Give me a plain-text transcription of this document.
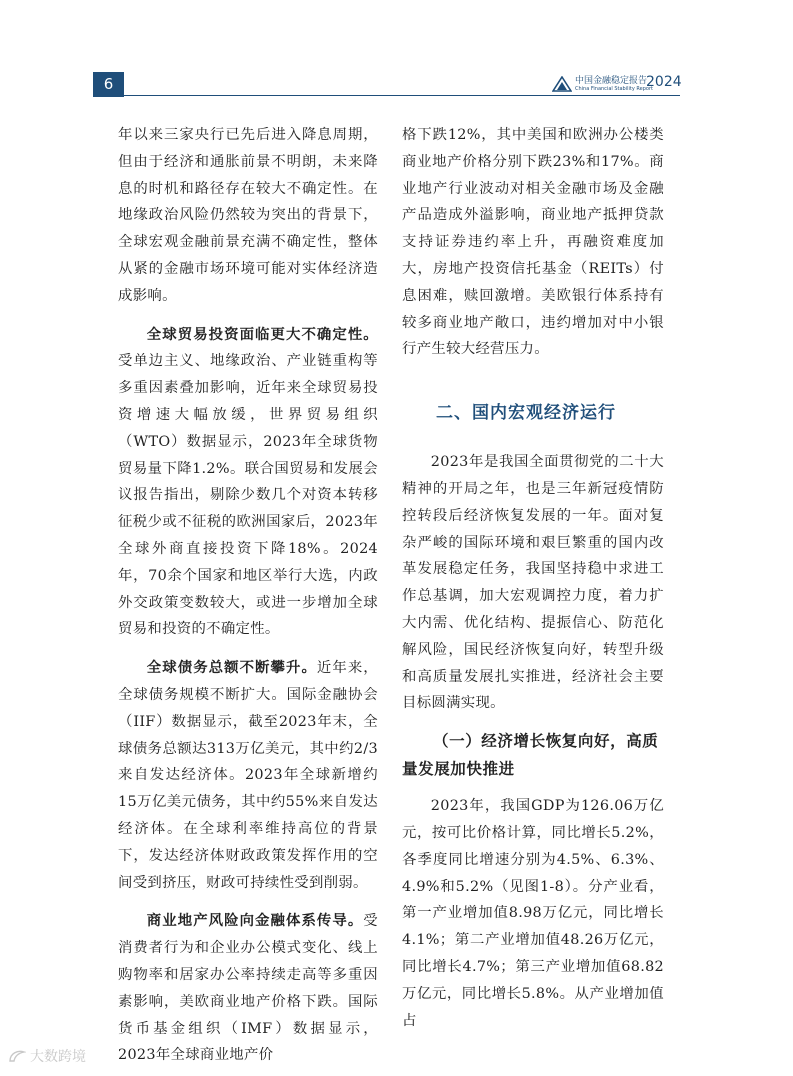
6	中国金融稳定报告
China Financial Stability Report
2024

年以来三家央行已先后进入降息周期，但由于经济和通胀前景不明朗，未来降息的时机和路径存在较大不确定性。在地缘政治风险仍然较为突出的背景下，全球宏观金融前景充满不确定性，整体从紧的金融市场环境可能对实体经济造成影响。

全球贸易投资面临更大不确定性。受单边主义、地缘政治、产业链重构等多重因素叠加影响，近年来全球贸易投资增速大幅放缓，世界贸易组织（WTO）数据显示，2023年全球货物贸易量下降1.2%。联合国贸易和发展会议报告指出，剔除少数几个对资本转移征税少或不征税的欧洲国家后，2023年全球外商直接投资下降18%。2024年，70余个国家和地区举行大选，内政外交政策变数较大，或进一步增加全球贸易和投资的不确定性。

全球债务总额不断攀升。近年来，全球债务规模不断扩大。国际金融协会（IIF）数据显示，截至2023年末，全球债务总额达313万亿美元，其中约2/3来自发达经济体。2023年全球新增约15万亿美元债务，其中约55%来自发达经济体。在全球利率维持高位的背景下，发达经济体财政政策发挥作用的空间受到挤压，财政可持续性受到削弱。

商业地产风险向金融体系传导。受消费者行为和企业办公模式变化、线上购物率和居家办公率持续走高等多重因素影响，美欧商业地产价格下跌。国际货币基金组织（IMF）数据显示，2023年全球商业地产价

格下跌12%，其中美国和欧洲办公楼类商业地产价格分别下跌23%和17%。商业地产行业波动对相关金融市场及金融产品造成外溢影响，商业地产抵押贷款支持证券违约率上升，再融资难度加大，房地产投资信托基金（REITs）付息困难，赎回激增。美欧银行体系持有较多商业地产敞口，违约增加对中小银行产生较大经营压力。

二、国内宏观经济运行

2023年是我国全面贯彻党的二十大精神的开局之年，也是三年新冠疫情防控转段后经济恢复发展的一年。面对复杂严峻的国际环境和艰巨繁重的国内改革发展稳定任务，我国坚持稳中求进工作总基调，加大宏观调控力度，着力扩大内需、优化结构、提振信心、防范化解风险，国民经济恢复向好，转型升级和高质量发展扎实推进，经济社会主要目标圆满实现。

（一）经济增长恢复向好，高质量发展加快推进

2023年，我国GDP为126.06万亿元，按可比价格计算，同比增长5.2%，各季度同比增速分别为4.5%、6.3%、4.9%和5.2%（见图1-8）。分产业看，第一产业增加值8.98万亿元，同比增长4.1%；第二产业增加值48.26万亿元，同比增长4.7%；第三产业增加值68.82万亿元，同比增长5.8%。从产业增加值占

大数跨境
